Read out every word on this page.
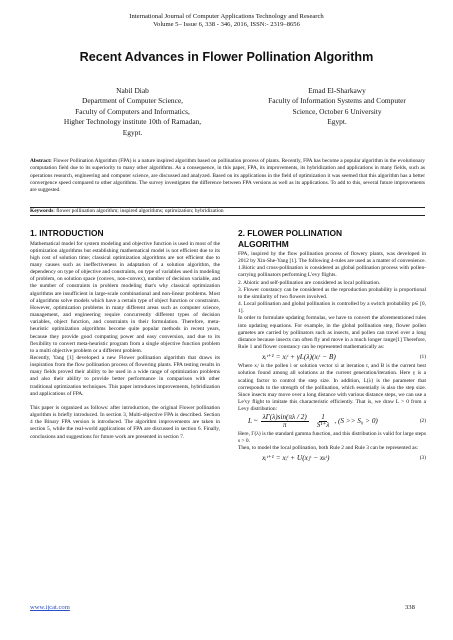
International Journal of Computer Applications Technology and Research
Volume 5– Issue 6, 338 - 346, 2016, ISSN:- 2319–8656
Recent Advances in Flower Pollination Algorithm
Nabil Diab
Department of Computer Science,
Faculty of Computers and Informatics,
Higher Technology institute 10th of Ramadan,
Egypt.
Emad El-Sharkawy
Faculty of Information Systems and Computer
Science, October 6 University
Egypt.
Abstract: Flower Pollination Algorithm (FPA) is a nature inspired algorithm based on pollination process of plants. Recently, FPA has become a popular algorithm in the evolutionary computation field due to its superiority to many other algorithms. As a consequence, in this paper, FPA, its improvements, its hybridization and applications in many fields, such as operations research, engineering and computer science, are discussed and analyzed. Based on its applications in the field of optimization it was seemed that this algorithm has a better convergence speed compared to other algorithms. The survey investigates the difference between FPA versions as well as its applications. To add to this, several future improvements are suggested.
Keywords: flower pollination algorithm; inspired algorithms; optimization; hybridization
1. INTRODUCTION

Mathematical model for system modeling and objective function is used in most of the optimization algorithms but establishing mathematical model is not efficient due to its high cost of solution time; classical optimization algorithms are not efficient due to many causes such as ineffectiveness in adaptation of a solution algorithm, the dependency on type of objective and constraints, on type of variables used in modeling of problem, on solution space (convex, non-convex), number of decision variable, and the number of constraints in problem modeling that's why classical optimization algorithms are insufficient in large-scale combinational and non-linear problems. Most of algorithms solve models which have a certain type of object function or constraints. However, optimization problems in many different areas such as computer science, management, and engineering require concurrently different types of decision variables, object function, and constraints in their formulation. Therefore, meta-heuristic optimization algorithms become quite popular methods in recent years, because they provide good computing power and easy conversion, and due to its flexibility to convert meta-heuristic program from a single objective function problem to a multi objective problem or a different problem.

Recently, Yang [1] developed a new Flower pollination algorithm that draws its inspiration from the flow pollination process of flowering plants. FPA testing results in many fields proved their ability to be used in a wide range of optimization problems and also their ability to provide better performance in comparison with other traditional optimization techniques. This paper introduces improvements, hybridization and applications of FPA.

This paper is organized as follows: after introduction, the original Flower pollination algorithm is briefly introduced. In section 3, Multi-objective FPA is described. Section 4 the Binary FPA version is introduced. The algorithm improvements are taken in section 5, while the real-world applications of FPA are discussed in section 6. Finally, conclusions and suggestions for future work are presented in section 7.

2. FLOWER POLLINATION
ALGORITHM

FPA, inspired by the flow pollination process of flowery plants, was developed in 2012 by Xin-She-Yang [1]. The following 4-rules are used as a matter of convenience.

1.Biotic and cross-pollination is considered as global pollination process with pollen-carrying pollinators performing L'evy flights.

2. Abiotic and self-pollination are considered as local pollination.

3. Flower constancy can be considered as the reproduction probability is proportional to the similarity of two flowers involved.

4. Local pollination and global pollination is controlled by a switch probability p∈ [0, 1].

In order to formulate updating formulas, we have to convert the aforementioned rules into updating equations. For example, in the global pollination step, flower pollen gametes are carried by pollinators such as insects, and pollen can travel over a long distance because insects can often fly and move in a much longer range[1] Therefore, Rule 1 and flower constancy can be represented mathematically as:

xᵢᵗ⁺¹ = xᵢᵗ + γL(λ)(xᵢᵗ − B)	(1)

Where xᵢᵗ is the pollen i or solution vector xi at iteration t, and B is the current best solution found among all solutions at the current generation/iteration. Here γ is a scaling factor to control the step size. In addition, L(λ) is the parameter that corresponds to the strength of the pollination, which essentially is also the step size. Since insects may move over a long distance with various distance steps, we can use a Le'vy flight to imitate this characteristic efficiently. That is, we draw L > 0 from a Levy distribution:

L ~ $\frac{\lambda\Gamma(\lambda)\sin(\pi\lambda / 2)}{\pi} \frac{1}{\text{S¹⁺λ}}$ , (S >> S₀ > 0)	(2)

Here, Γ(λ) is the standard gamma function, and this distribution is valid for large steps s > 0.

Then, to model the local pollination, both Rule 2 and Rule 3 can be represented as:

xᵢᵗ⁺¹ = xᵢᵗ + U(xⱼᵗ − xₖᵗ)	(3)
www.ijcat.com	338
